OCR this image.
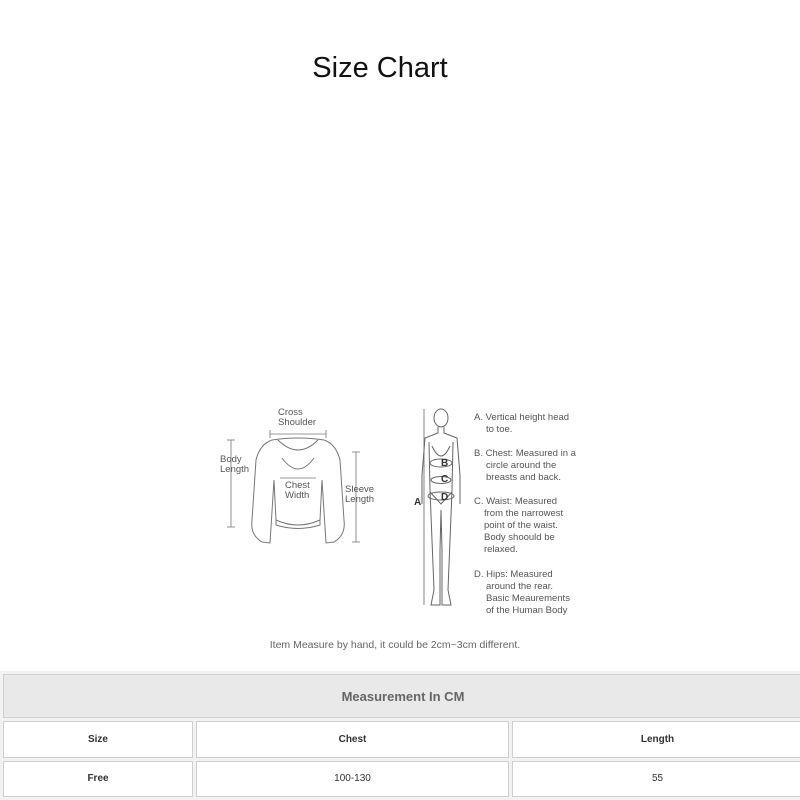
Size Chart
Cross
Shoulder
Body
Length
Chest
Width
Sleeve
Length	A
B
C
D
A. Vertical height head
to toe.
B. Chest: Measured in a
circle around the
breasts and back.
C. Waist: Measured
from the narrowest
point of the waist.
Body shoould be
relaxed.
D. Hips: Measured
around the rear.
Basic Meaurements
of the Human Body
Item Measure by hand, it could be 2cm~3cm different.
Measurement In CM		
Size	Chest	Length
Free	100-130	55
